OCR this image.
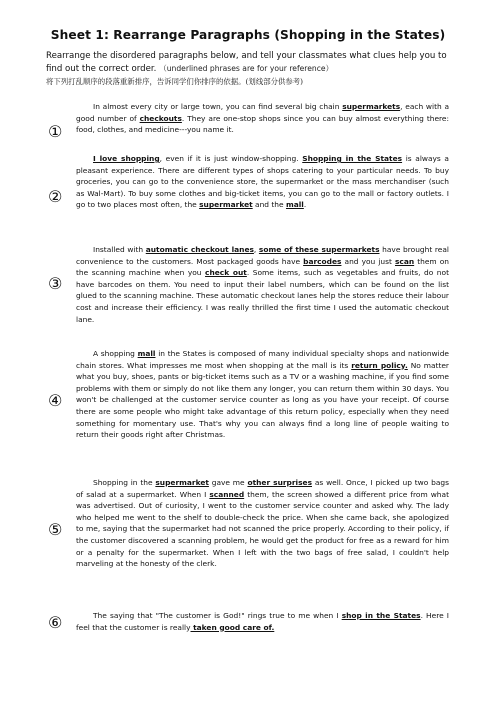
Sheet 1: Rearrange Paragraphs (Shopping in the States)
Rearrange the disordered paragraphs below, and tell your classmates what clues help you to find out the correct order. （underlined phrases are for your reference）
将下列打乱顺序的段落重新排序，告诉同学们你排序的依据。(划线部分供参考)
①

In almost every city or large town, you can find several big chain supermarkets, each with a good number of checkouts. They are one-stop shops since you can buy almost everything there: food, clothes, and medicine---you name it.

②

I love shopping, even if it is just window-shopping. Shopping in the States is always a pleasant experience. There are different types of shops catering to your particular needs. To buy groceries, you can go to the convenience store, the supermarket or the mass merchandiser (such as Wal-Mart). To buy some clothes and big-ticket items, you can go to the mall or factory outlets. I go to two places most often, the supermarket and the mall.

③

Installed with automatic checkout lanes, some of these supermarkets have brought real convenience to the customers. Most packaged goods have barcodes and you just scan them on the scanning machine when you check out. Some items, such as vegetables and fruits, do not have barcodes on them. You need to input their label numbers, which can be found on the list glued to the scanning machine. These automatic checkout lanes help the stores reduce their labour cost and increase their efficiency. I was really thrilled the first time I used the automatic checkout lane.

④

A shopping mall in the States is composed of many individual specialty shops and nationwide chain stores. What impresses me most when shopping at the mall is its return policy. No matter what you buy, shoes, pants or big-ticket items such as a TV or a washing machine, if you find some problems with them or simply do not like them any longer, you can return them within 30 days. You won't be challenged at the customer service counter as long as you have your receipt. Of course there are some people who might take advantage of this return policy, especially when they need something for momentary use. That's why you can always find a long line of people waiting to return their goods right after Christmas.

⑤

Shopping in the supermarket gave me other surprises as well. Once, I picked up two bags of salad at a supermarket. When I scanned them, the screen showed a different price from what was advertised. Out of curiosity, I went to the customer service counter and asked why. The lady who helped me went to the shelf to double-check the price. When she came back, she apologized to me, saying that the supermarket had not scanned the price properly. According to their policy, if the customer discovered a scanning problem, he would get the product for free as a reward for him or a penalty for the supermarket. When I left with the two bags of free salad, I couldn't help marveling at the honesty of the clerk.

⑥	The saying that "The customer is God!" rings true to me when I shop in the States. Here I feel that the customer is really taken good care of.
